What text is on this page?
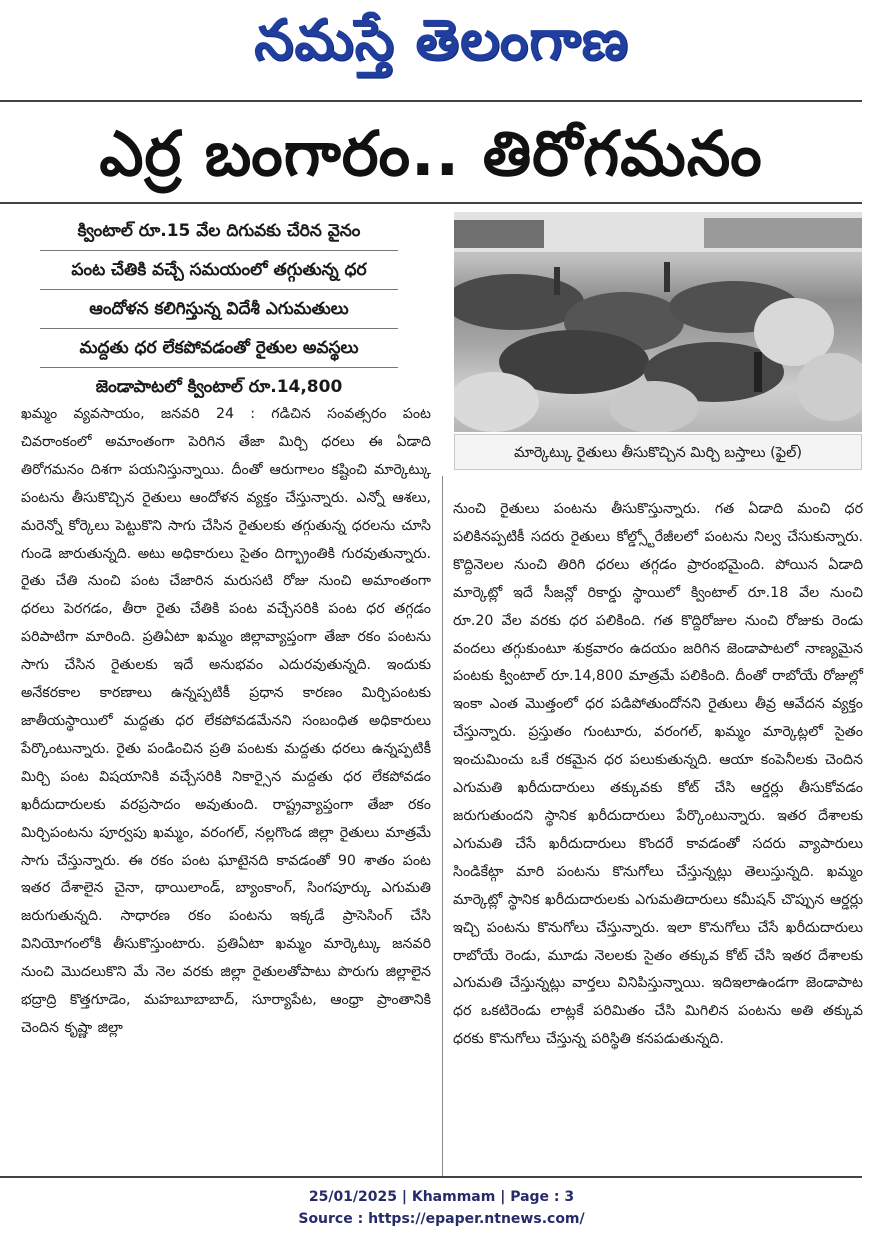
నమస్తే తెలంగాణ
ఎర్ర బంగారం.. తిరోగమనం
క్వింటాల్ రూ.15 వేల దిగువకు చేరిన వైనం
పంట చేతికి వచ్చే సమయంలో తగ్గుతున్న ధర
ఆందోళన కలిగిస్తున్న విదేశీ ఎగుమతులు
మద్దతు ధర లేకపోవడంతో రైతుల అవస్థలు
జెండాపాటలో క్వింటాల్ రూ.14,800
మార్కెట్కు రైతులు తీసుకొచ్చిన మిర్చి బస్తాలు (ఫైల్)
ఖమ్మం వ్యవసాయం, జనవరి 24 : గడిచిన సంవత్సరం పంట చివరాంకంలో అమాంతంగా పెరిగిన తేజా మిర్చి ధరలు ఈ ఏడాది తిరోగమనం దిశగా పయనిస్తున్నాయి. దీంతో ఆరుగాలం కష్టించి మార్కెట్కు పంటను తీసుకొచ్చిన రైతులు ఆందోళన వ్యక్తం చేస్తున్నారు. ఎన్నో ఆశలు, మరెన్నో కోర్కెలు పెట్టుకొని సాగు చేసిన రైతులకు తగ్గుతున్న ధరలను చూసి గుండె జారుతున్నది. అటు అధికారులు సైతం దిగ్భ్రాంతికి గురవుతున్నారు. రైతు చేతి నుంచి పంట చేజారిన మరుసటి రోజు నుంచి అమాంతంగా ధరలు పెరగడం, తీరా రైతు చేతికి పంట వచ్చేసరికి పంట ధర తగ్గడం పరిపాటిగా మారింది. ప్రతిఏటా ఖమ్మం జిల్లావ్యాప్తంగా తేజా రకం పంటను సాగు చేసిన రైతులకు ఇదే అనుభవం ఎదురవుతున్నది. ఇందుకు అనేకరకాల కారణాలు ఉన్నప్పటికీ ప్రధాన కారణం మిర్చిపంటకు జాతీయస్థాయిలో మద్దతు ధర లేకపోవడమేనని సంబంధిత అధికారులు పేర్కొంటున్నారు. రైతు పండించిన ప్రతి పంటకు మద్దతు ధరలు ఉన్నప్పటికీ మిర్చి పంట విషయానికి వచ్చేసరికి నికార్సైన మద్దతు ధర లేకపోవడం ఖరీదుదారులకు వరప్రసాదం అవుతుంది. రాష్ట్రవ్యాప్తంగా తేజా రకం మిర్చిపంటను పూర్వపు ఖమ్మం, వరంగల్, నల్లగొండ జిల్లా రైతులు మాత్రమే సాగు చేస్తున్నారు. ఈ రకం పంట ఘాటైనది కావడంతో 90 శాతం పంట ఇతర దేశాలైన చైనా, థాయిలాండ్, బ్యాంకాంగ్, సింగపూర్కు ఎగుమతి జరుగుతున్నది. సాధారణ రకం పంటను ఇక్కడే ప్రాసెసింగ్ చేసి వినియోగంలోకి తీసుకొస్తుంటారు. ప్రతిఏటా ఖమ్మం మార్కెట్కు జనవరి నుంచి మొదలుకొని మే నెల వరకు జిల్లా రైతులతోపాటు పొరుగు జిల్లాలైన భద్రాద్రి కొత్తగూడెం, మహబూబాబాద్, సూర్యాపేట, ఆంధ్రా ప్రాంతానికి చెందిన కృష్ణా జిల్లా
నుంచి రైతులు పంటను తీసుకొస్తున్నారు. గత ఏడాది మంచి ధర పలికినప్పటికీ సదరు రైతులు కోల్డ్స్టోరేజీలలో పంటను నిల్వ చేసుకున్నారు. కొద్దినెలల నుంచి తిరిగి ధరలు తగ్గడం ప్రారంభమైంది. పోయిన ఏడాది మార్కెట్లో ఇదే సీజన్లో రికార్డు స్థాయిలో క్వింటాల్ రూ.18 వేల నుంచి రూ.20 వేల వరకు ధర పలికింది. గత కొద్దిరోజుల నుంచి రోజుకు రెండు వందలు తగ్గుకుంటూ శుక్రవారం ఉదయం జరిగిన జెండాపాటలో నాణ్యమైన పంటకు క్వింటాల్ రూ.14,800 మాత్రమే పలికింది. దీంతో రాబోయే రోజుల్లో ఇంకా ఎంత మొత్తంలో ధర పడిపోతుందోనని రైతులు తీవ్ర ఆవేదన వ్యక్తం చేస్తున్నారు. ప్రస్తుతం గుంటూరు, వరంగల్, ఖమ్మం మార్కెట్లలో సైతం ఇంచుమించు ఒకే రకమైన ధర పలుకుతున్నది. ఆయా కంపెనీలకు చెందిన ఎగుమతి ఖరీదుదారులు తక్కువకు కోట్ చేసి ఆర్డర్లు తీసుకోవడం జరుగుతుందని స్థానిక ఖరీదుదారులు పేర్కొంటున్నారు. ఇతర దేశాలకు ఎగుమతి చేసే ఖరీదుదారులు కొందరే కావడంతో సదరు వ్యాపారులు సిండికేట్గా మారి పంటను కొనుగోలు చేస్తున్నట్లు తెలుస్తున్నది. ఖమ్మం మార్కెట్లో స్థానిక ఖరీదుదారులకు ఎగుమతిదారులు కమీషన్ చొప్పున ఆర్డర్లు ఇచ్చి పంటను కొనుగోలు చేస్తున్నారు. ఇలా కొనుగోలు చేసే ఖరీదుదారులు రాబోయే రెండు, మూడు నెలలకు సైతం తక్కువ కోట్ చేసి ఇతర దేశాలకు ఎగుమతి చేస్తున్నట్లు వార్తలు వినిపిస్తున్నాయి. ఇదిఇలాఉండగా జెండాపాట ధర ఒకటిరెండు లాట్లకే పరిమితం చేసి మిగిలిన పంటను అతి తక్కువ ధరకు కొనుగోలు చేస్తున్న పరిస్థితి కనపడుతున్నది.
25/01/2025 | Khammam | Page : 3
Source : https://epaper.ntnews.com/
